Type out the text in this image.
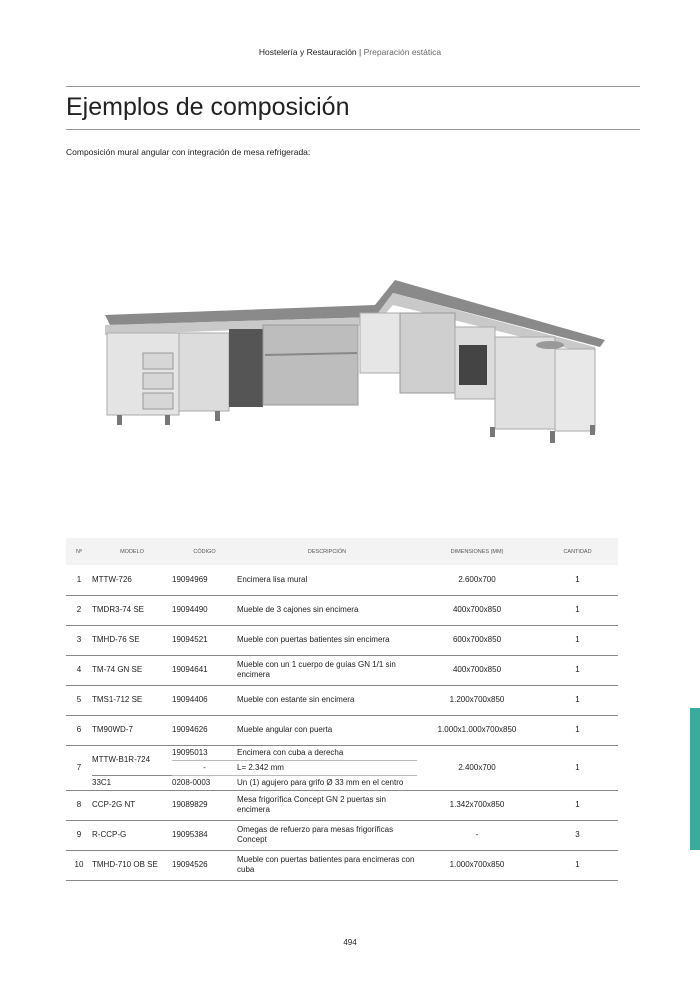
Hostelería y Restauración | Preparación estática
Ejemplos de composición
Composición mural angular con integración de mesa refrigerada:
Nº	MODELO	CÓDIGO	DESCRIPCIÓN	DIMENSIONES (MM)	CANTIDAD
1	MTTW-726	19094969	Encimera lisa mural	2.600x700	1
2	TMDR3-74 SE	19094490	Mueble de 3 cajones sin encimera	400x700x850	1
3	TMHD-76 SE	19094521	Mueble con puertas batientes sin encimera	600x700x850	1
4	TM-74 GN SE	19094641	Mueble con un 1 cuerpo de guías GN 1/1 sin encimera	400x700x850	1
5	TMS1-712 SE	19094406	Mueble con estante sin encimera	1.200x700x850	1
6	TM90WD-7	19094626	Mueble angular con puerta	1.000x1.000x700x850	1
7	MTTW-B1R-724	19095013	Encimera con cuba a derecha	2.400x700	1
		-	L= 2.342 mm		
	33C1	0208-0003	Un (1) agujero para grifo Ø 33 mm en el centro		
8	CCP-2G NT	19089829	Mesa frigorífica Concept GN 2 puertas sin encimera	1.342x700x850	1
9	R-CCP-G	19095384	Omegas de refuerzo para mesas frigoríficas Concept	-	3
10	TMHD-710 OB SE	19094526	Mueble con puertas batientes para encimeras con cuba	1.000x700x850	1
494
